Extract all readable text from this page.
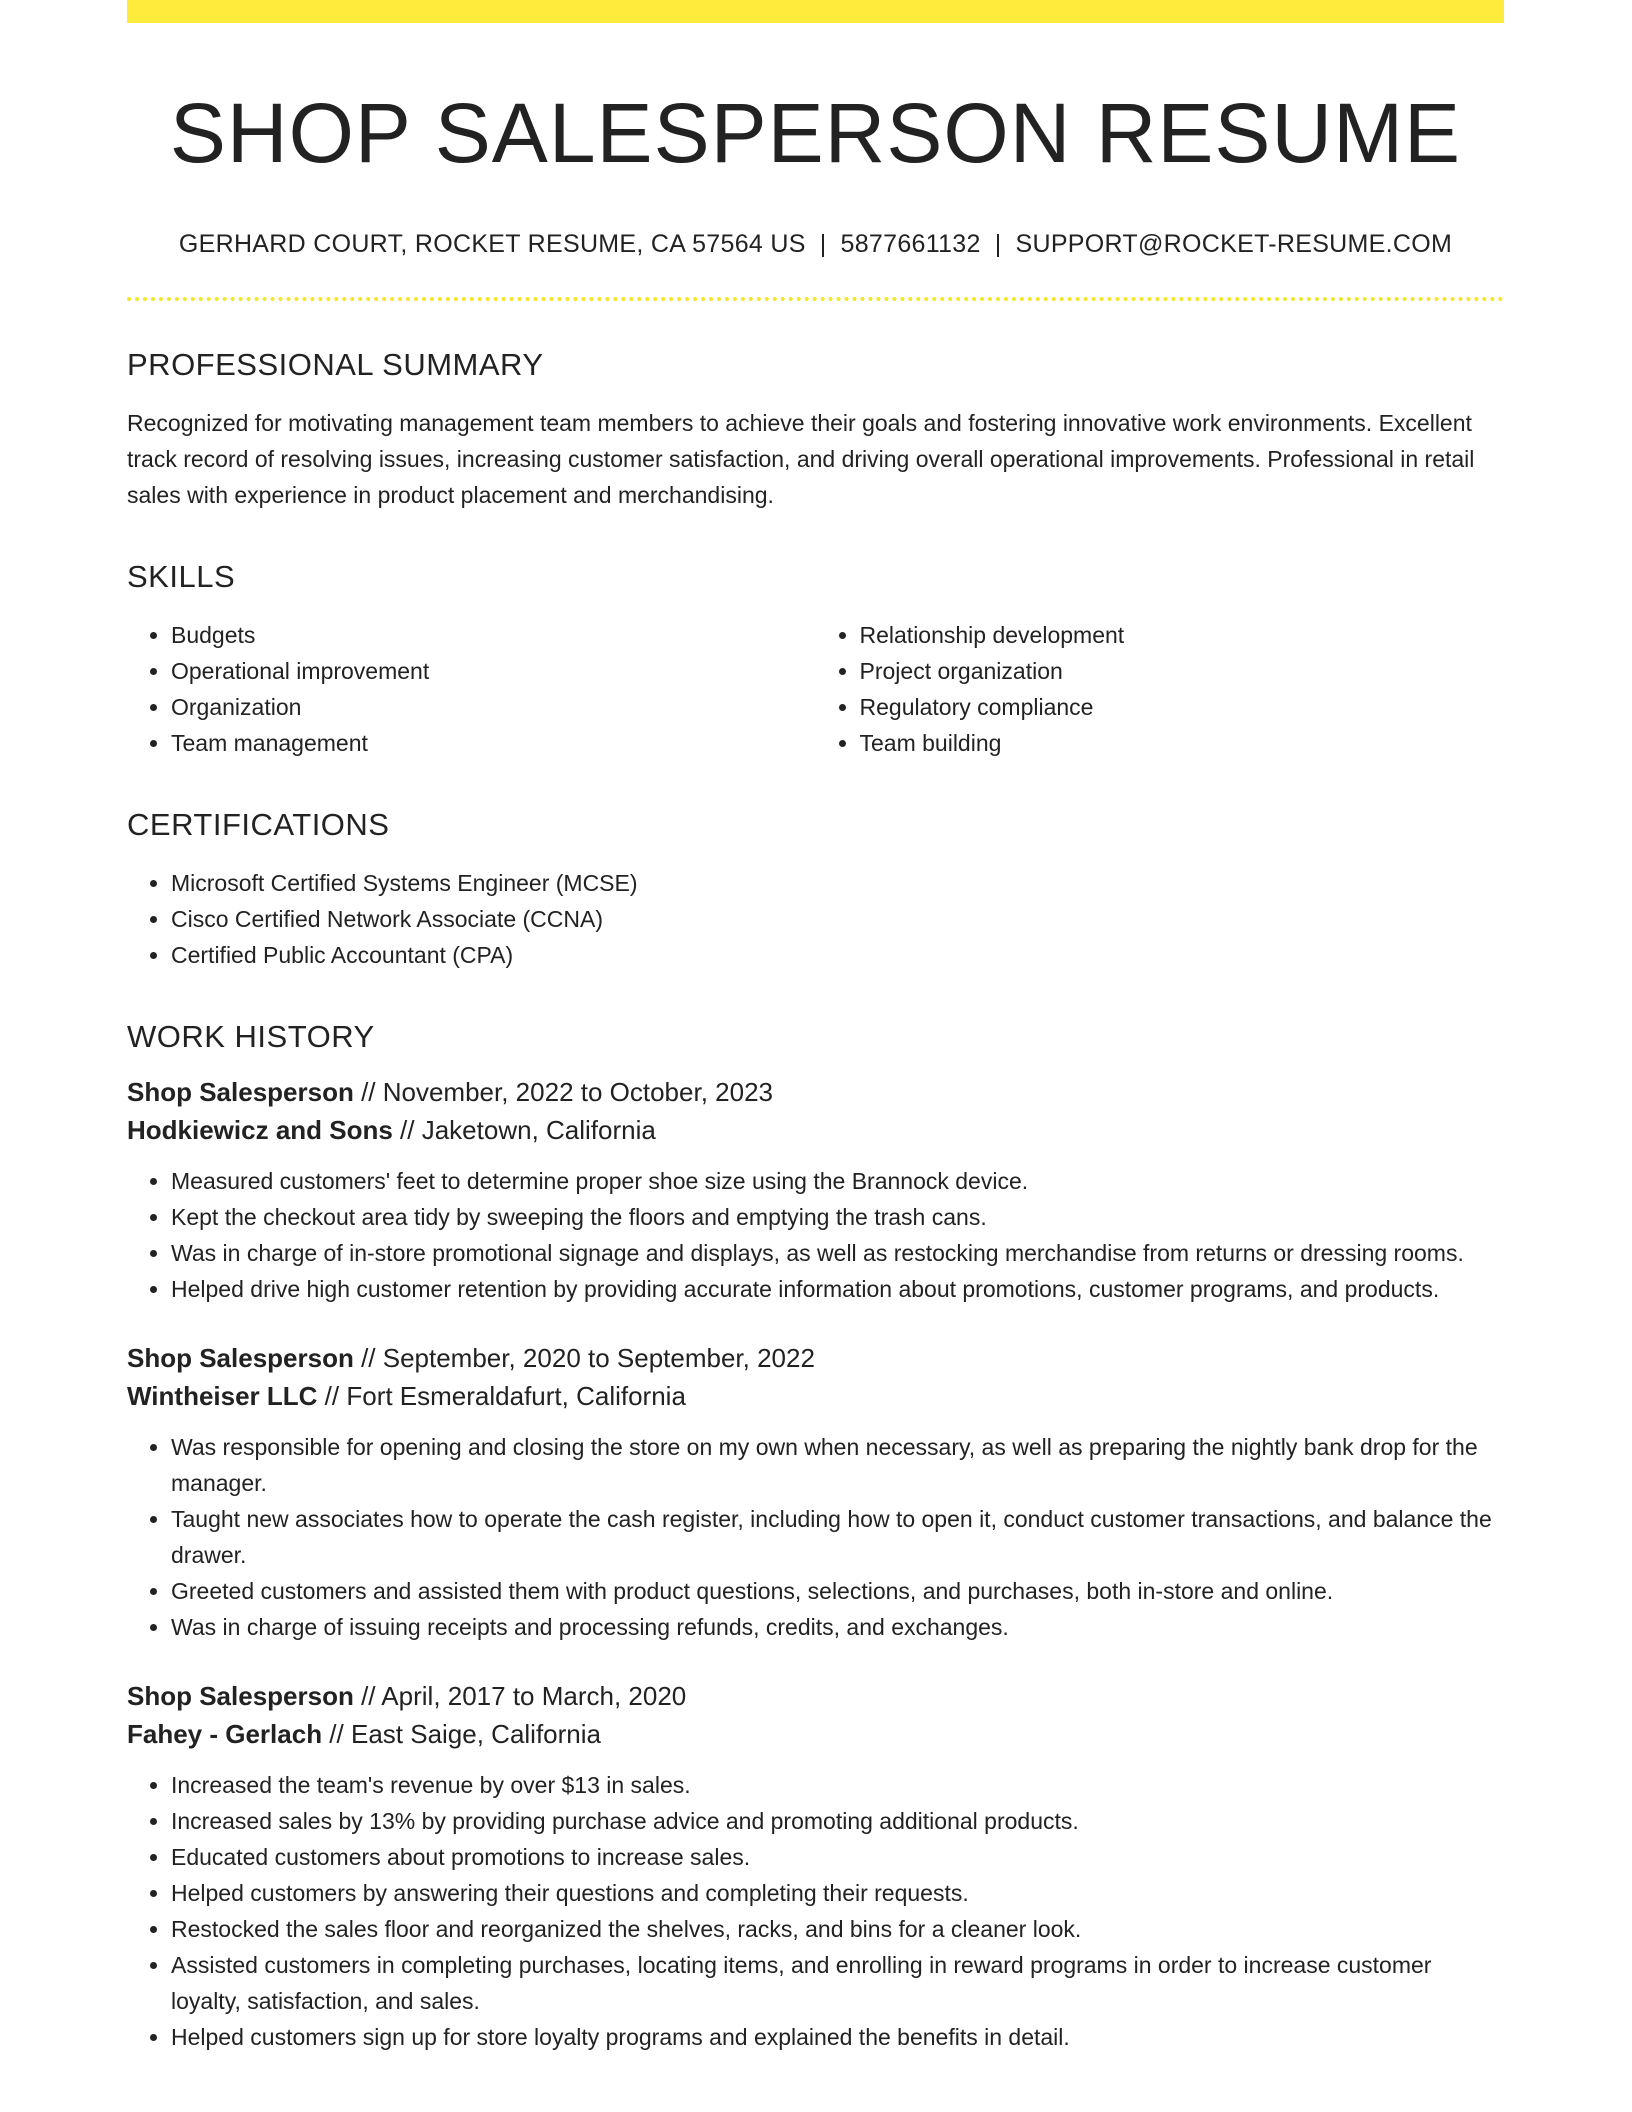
SHOP SALESPERSON RESUME
GERHARD COURT, ROCKET RESUME, CA 57564 US | 5877661132 | SUPPORT@ROCKET-RESUME.COM
PROFESSIONAL SUMMARY

Recognized for motivating management team members to achieve their goals and fostering innovative work environments. Excellent track record of resolving issues, increasing customer satisfaction, and driving overall operational improvements. Professional in retail sales with experience in product placement and merchandising.

SKILLS
• Budgets
• Operational improvement
• Organization
• Team management
• Relationship development
• Project organization
• Regulatory compliance
• Team building
CERTIFICATIONS
• Microsoft Certified Systems Engineer (MCSE)
• Cisco Certified Network Associate (CCNA)
• Certified Public Accountant (CPA)
WORK HISTORY
Shop Salesperson // November, 2022 to October, 2023
Hodkiewicz and Sons // Jaketown, California
• Measured customers' feet to determine proper shoe size using the Brannock device.
• Kept the checkout area tidy by sweeping the floors and emptying the trash cans.
• Was in charge of in-store promotional signage and displays, as well as restocking merchandise from returns or dressing rooms.
• Helped drive high customer retention by providing accurate information about promotions, customer programs, and products.
Shop Salesperson // September, 2020 to September, 2022
Wintheiser LLC // Fort Esmeraldafurt, California
• Was responsible for opening and closing the store on my own when necessary, as well as preparing the nightly bank drop for the manager.
• Taught new associates how to operate the cash register, including how to open it, conduct customer transactions, and balance the drawer.
• Greeted customers and assisted them with product questions, selections, and purchases, both in-store and online.
• Was in charge of issuing receipts and processing refunds, credits, and exchanges.
Shop Salesperson // April, 2017 to March, 2020
Fahey - Gerlach // East Saige, California
• Increased the team's revenue by over $13 in sales.
• Increased sales by 13% by providing purchase advice and promoting additional products.
• Educated customers about promotions to increase sales.
• Helped customers by answering their questions and completing their requests.
• Restocked the sales floor and reorganized the shelves, racks, and bins for a cleaner look.
• Assisted customers in completing purchases, locating items, and enrolling in reward programs in order to increase customer loyalty, satisfaction, and sales.
• Helped customers sign up for store loyalty programs and explained the benefits in detail.
